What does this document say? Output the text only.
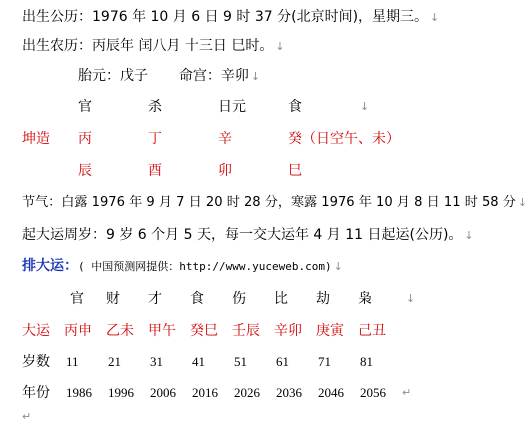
出生公历：1976 年 10 月 6 日 9 时 37 分(北京时间)，星期三。 ↓
出生农历：丙辰年 闰八月 十三日 巳时。 ↓
胎元：戊子 命宫：辛卯 ↓
官	杀	日元	食	↓
坤造 丙	丁	辛	癸（日空午、未）
辰	酉	卯	巳
节气：白露 1976 年 9 月 7 日 20 时 28 分，寒露 1976 年 10 月 8 日 11 时 58 分 ↓
起大运周岁：9 岁 6 个月 5 天，每一交大运年 4 月 11 日起运(公历)。 ↓
排大运：( 中国预测网提供：http://www.yuceweb.com) ↓
官 财 才 食 伤 比 劫 枭	↓
大运 丙申 乙未 甲午 癸巳 壬辰 辛卯 庚寅 己丑
岁数 11 21 31 41 51 61 71 81
年份 1986 1996 2006 2016 2026 2036 2046 2056 ↵
↵
